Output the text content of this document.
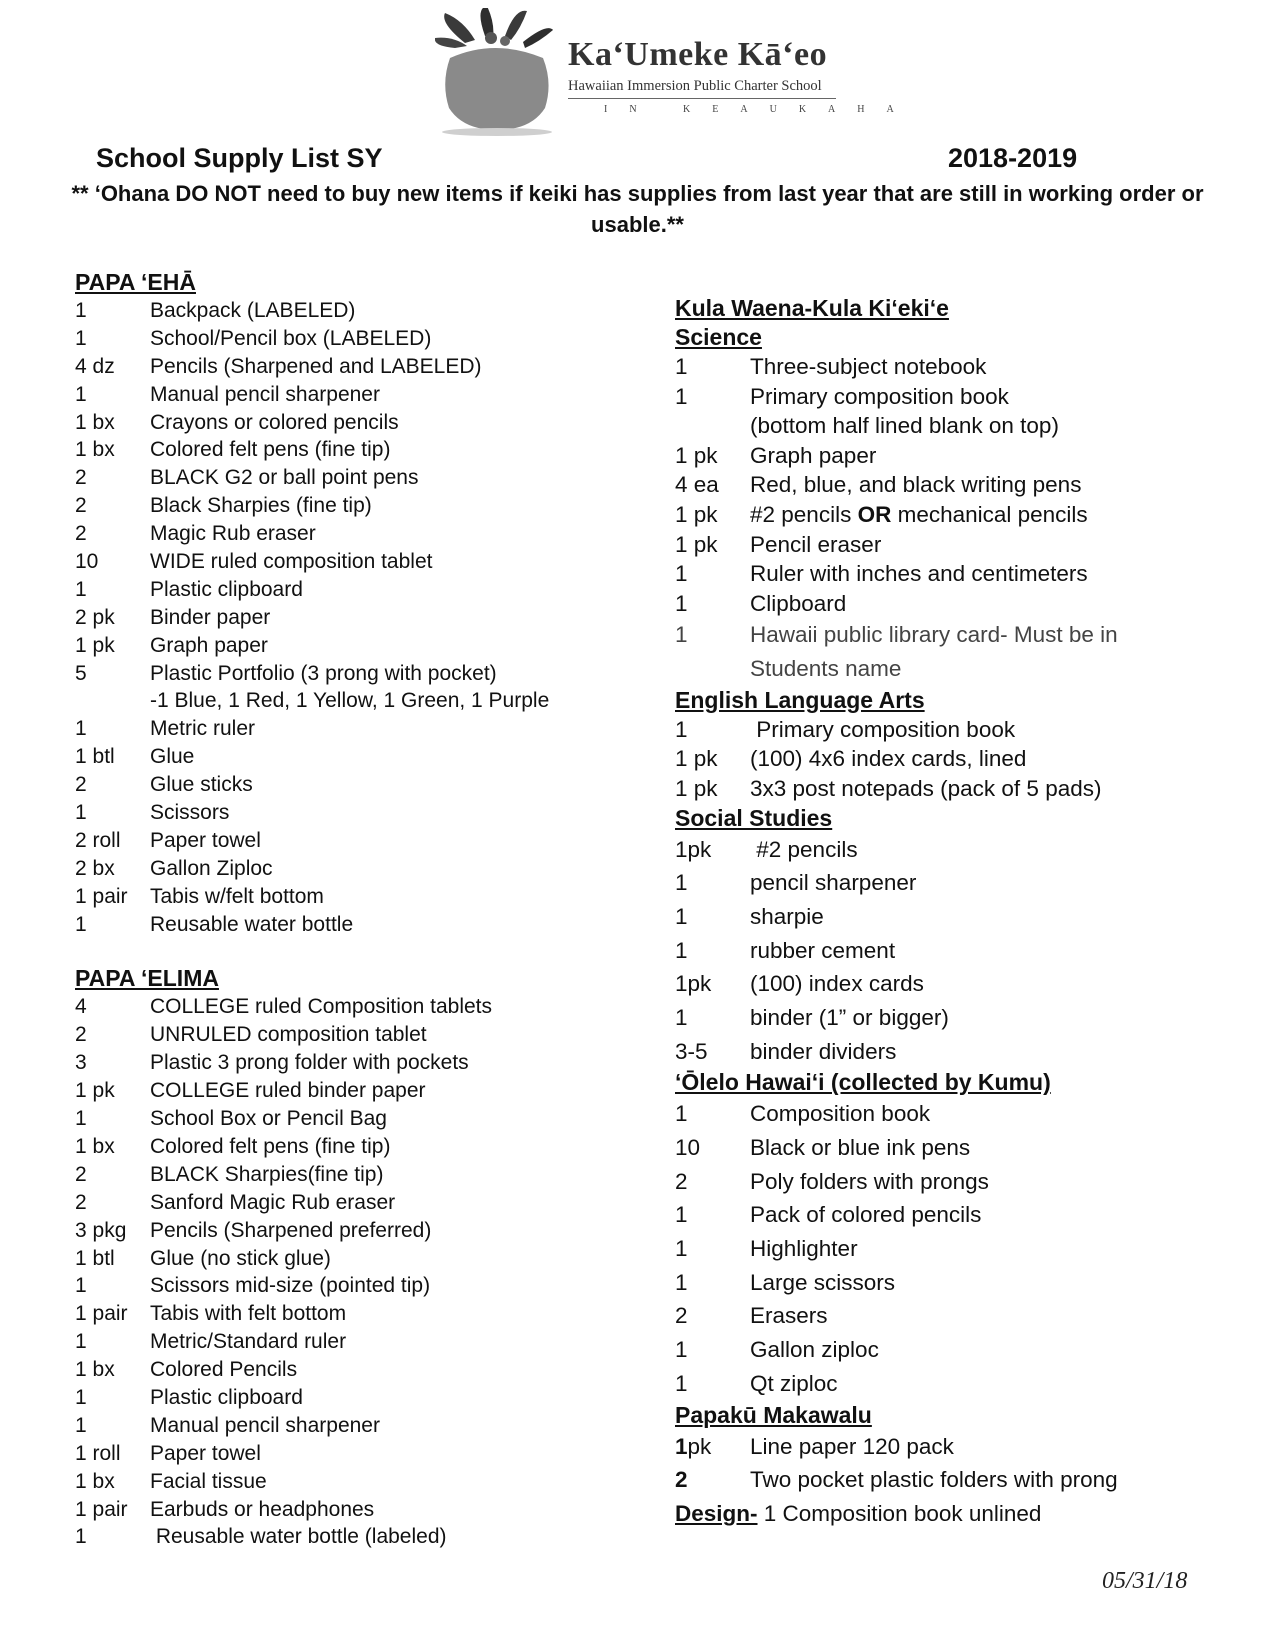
Ka‘Umeke Kā‘eo
Hawaiian Immersion Public Charter School
IN KEAUKAHA
School Supply List SY	2018-2019
** ‘Ohana DO NOT need to buy new items if keiki has supplies from last year that are still in working order or usable.**
PAPA ‘EHĀ
1	Backpack (LABELED)
1	School/Pencil box (LABELED)
4 dz	Pencils (Sharpened and LABELED)
1	Manual pencil sharpener
1 bx	Crayons or colored pencils
1 bx	Colored felt pens (fine tip)
2	BLACK G2 or ball point pens
2	Black Sharpies (fine tip)
2	Magic Rub eraser
10	WIDE ruled composition tablet
1	Plastic clipboard
2 pk	Binder paper
1 pk	Graph paper
5	Plastic Portfolio (3 prong with pocket)
-1 Blue, 1 Red, 1 Yellow, 1 Green, 1 Purple
1	Metric ruler
1 btl	Glue
2	Glue sticks
1	Scissors
2 roll	Paper towel
2 bx	Gallon Ziploc
1 pair	Tabis w/felt bottom
1	Reusable water bottle
PAPA ‘ELIMA
4	COLLEGE ruled Composition tablets
2	UNRULED composition tablet
3	Plastic 3 prong folder with pockets
1 pk	COLLEGE ruled binder paper
1	School Box or Pencil Bag
1 bx	Colored felt pens (fine tip)
2	BLACK Sharpies(fine tip)
2	Sanford Magic Rub eraser
3 pkg	Pencils (Sharpened preferred)
1 btl	Glue (no stick glue)
1	Scissors mid-size (pointed tip)
1 pair	Tabis with felt bottom
1	Metric/Standard ruler
1 bx	Colored Pencils
1	Plastic clipboard
1	Manual pencil sharpener
1 roll	Paper towel
1 bx	Facial tissue
1 pair	Earbuds or headphones
1	Reusable water bottle (labeled)
Kula Waena-Kula Ki‘eki‘e
Science
1	Three-subject notebook
1	Primary composition book
(bottom half lined blank on top)
1 pk	Graph paper
4 ea	Red, blue, and black writing pens
1 pk	#2 pencils OR mechanical pencils
1 pk	Pencil eraser
1	Ruler with inches and centimeters
1	Clipboard
1	Hawaii public library card- Must be in
Students name
English Language Arts
1	Primary composition book
1 pk	(100) 4x6 index cards, lined
1 pk	3x3 post notepads (pack of 5 pads)
Social Studies
1pk	#2 pencils
1	pencil sharpener
1	sharpie
1	rubber cement
1pk	(100) index cards
1	binder (1” or bigger)
3-5	binder dividers
‘Ōlelo Hawai‘i (collected by Kumu)
1	Composition book
10	Black or blue ink pens
2	Poly folders with prongs
1	Pack of colored pencils
1	Highlighter
1	Large scissors
2	Erasers
1	Gallon ziploc
1	Qt ziploc
Papakū Makawalu
1pk	Line paper 120 pack
2	Two pocket plastic folders with prong
Design- 1 Composition book unlined
05/31/18
